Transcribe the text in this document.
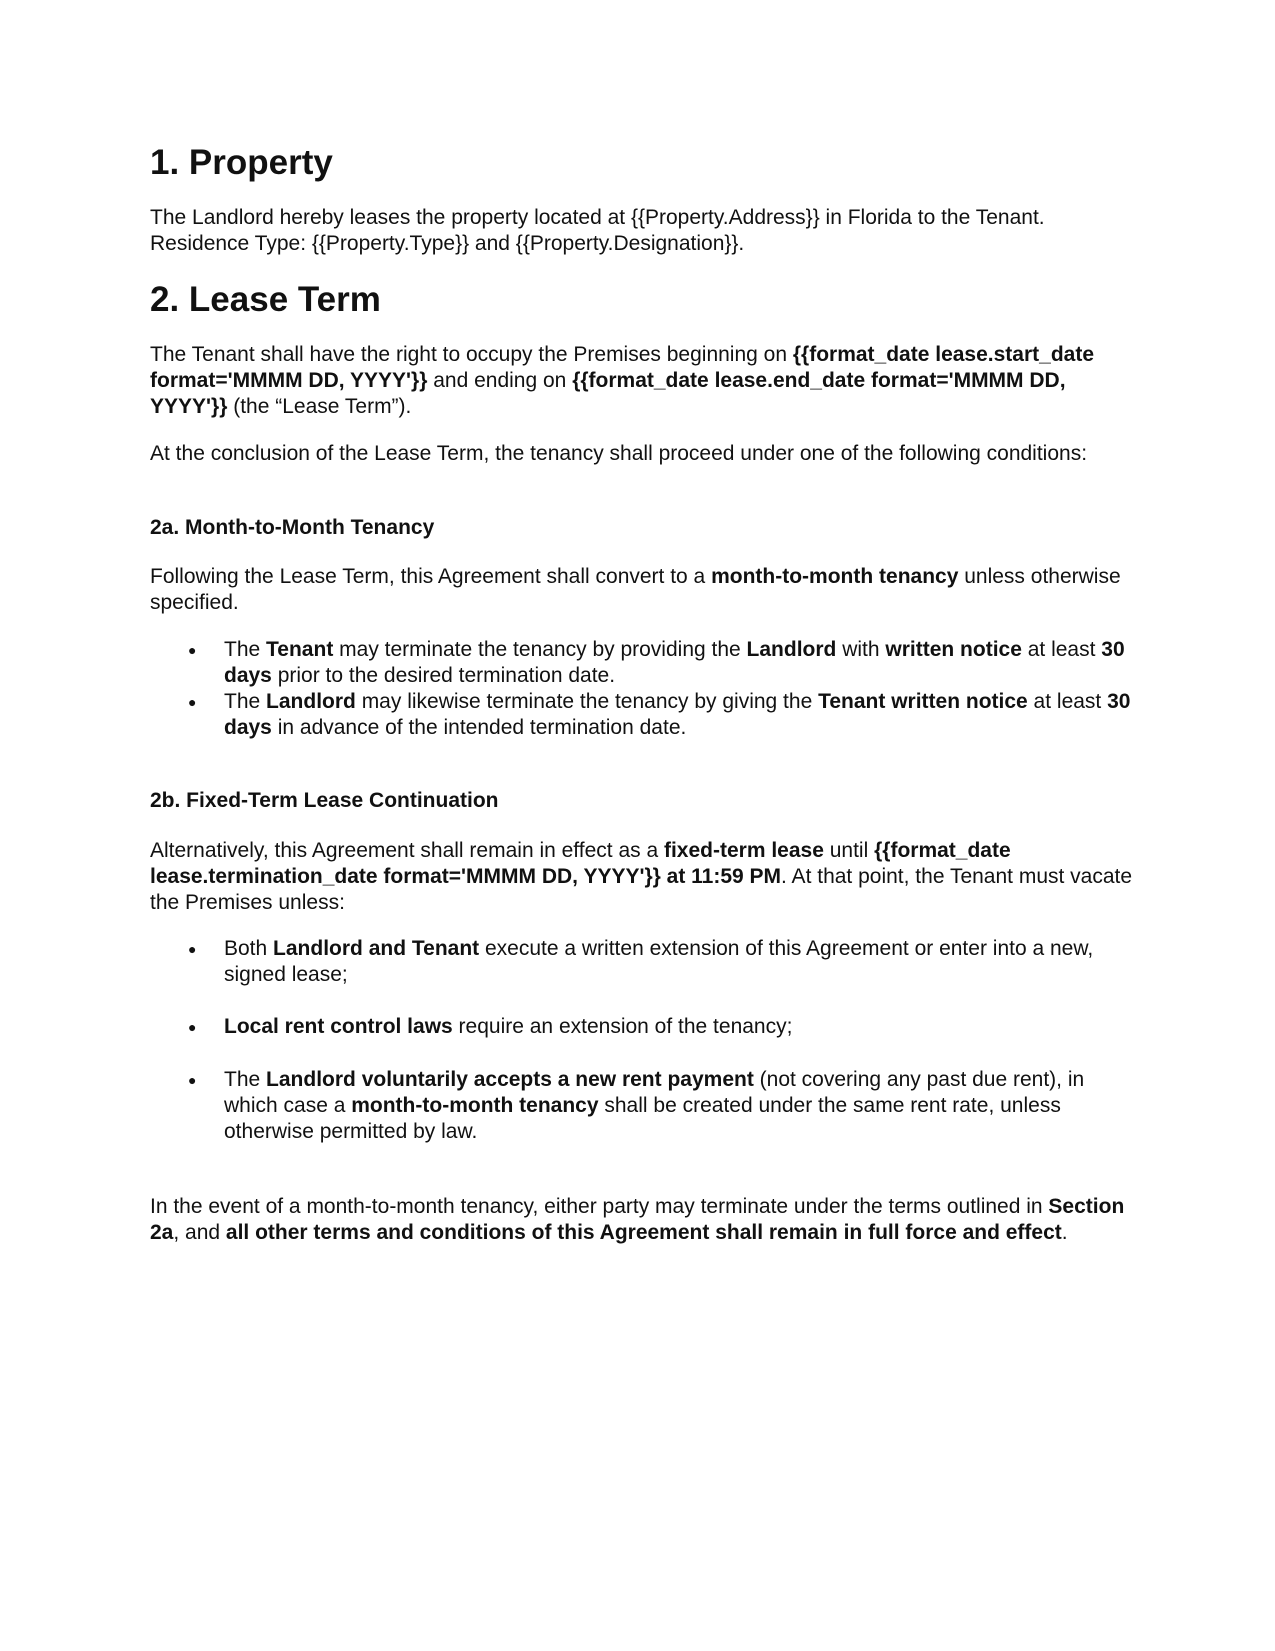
1. Property

The Landlord hereby leases the property located at {{Property.Address}} in Florida to the Tenant. Residence Type: {{Property.Type}} and {{Property.Designation}}.

2. Lease Term

The Tenant shall have the right to occupy the Premises beginning on {{format_date lease.start_date format='MMMM DD, YYYY'}} and ending on {{format_date lease.end_date format='MMMM DD, YYYY'}} (the “Lease Term”).

At the conclusion of the Lease Term, the tenancy shall proceed under one of the following conditions:

2a. Month-to-Month Tenancy

Following the Lease Term, this Agreement shall convert to a month-to-month tenancy unless otherwise specified.

● The Tenant may terminate the tenancy by providing the Landlord with written notice at least 30 days prior to the desired termination date.
● The Landlord may likewise terminate the tenancy by giving the Tenant written notice at least 30 days in advance of the intended termination date.
2b. Fixed-Term Lease Continuation

Alternatively, this Agreement shall remain in effect as a fixed-term lease until {{format_date lease.termination_date format='MMMM DD, YYYY'}} at 11:59 PM. At that point, the Tenant must vacate the Premises unless:

● Both Landlord and Tenant execute a written extension of this Agreement or enter into a new, signed lease;
● Local rent control laws require an extension of the tenancy;
● The Landlord voluntarily accepts a new rent payment (not covering any past due rent), in which case a month-to-month tenancy shall be created under the same rent rate, unless otherwise permitted by law.

In the event of a month-to-month tenancy, either party may terminate under the terms outlined in Section 2a, and all other terms and conditions of this Agreement shall remain in full force and effect.
